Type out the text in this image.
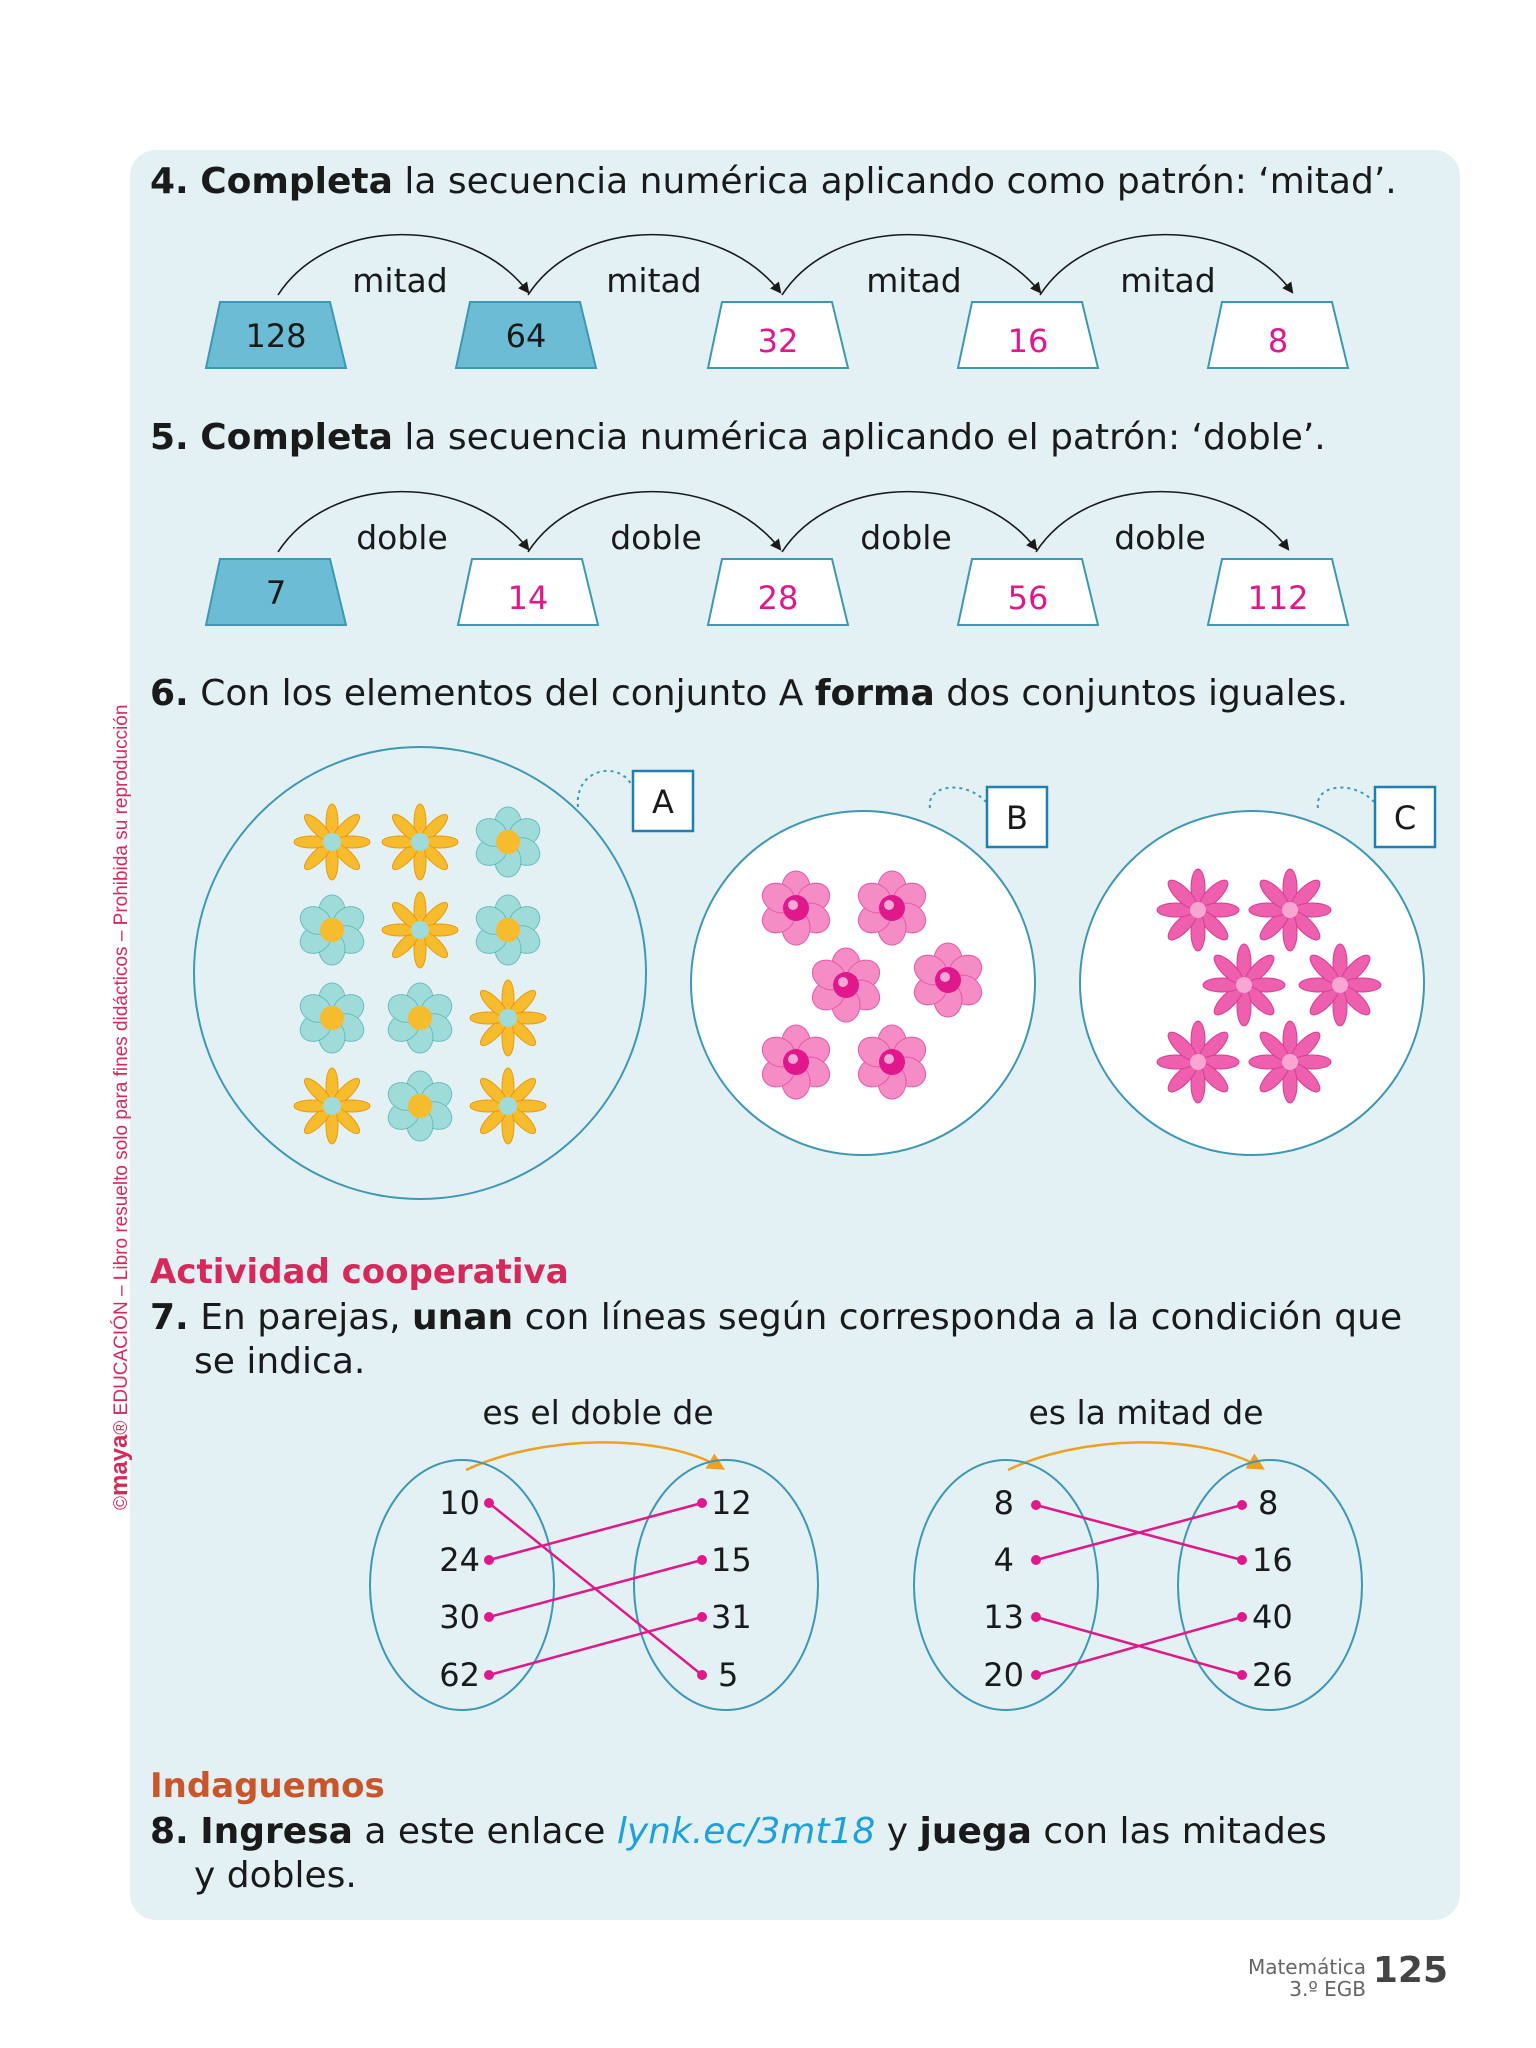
©maya® EDUCACIÓN – Libro resuelto solo para fines didácticos – Prohibida su reproducción
4. Completa la secuencia numérica aplicando como patrón: ‘mitad’.
mitad	mitad	mitad	mitad
128	64	32	16	8
doble	doble	doble	doble
7	14	28	56	112
A	B	C
es el doble de
10
24
30
62
12
15
31
5
es la mitad de
8
4
13
20
8
16
40
26
5. Completa la secuencia numérica aplicando el patrón: ‘doble’.
6. Con los elementos del conjunto A forma dos conjuntos iguales.
Actividad cooperativa
7. En parejas, unan con líneas según corresponda a la condición que
se indica.
Indaguemos
8. Ingresa a este enlace lynk.ec/3mt18 y juega con las mitades
y dobles.
Matemática
3.º EGB 125
